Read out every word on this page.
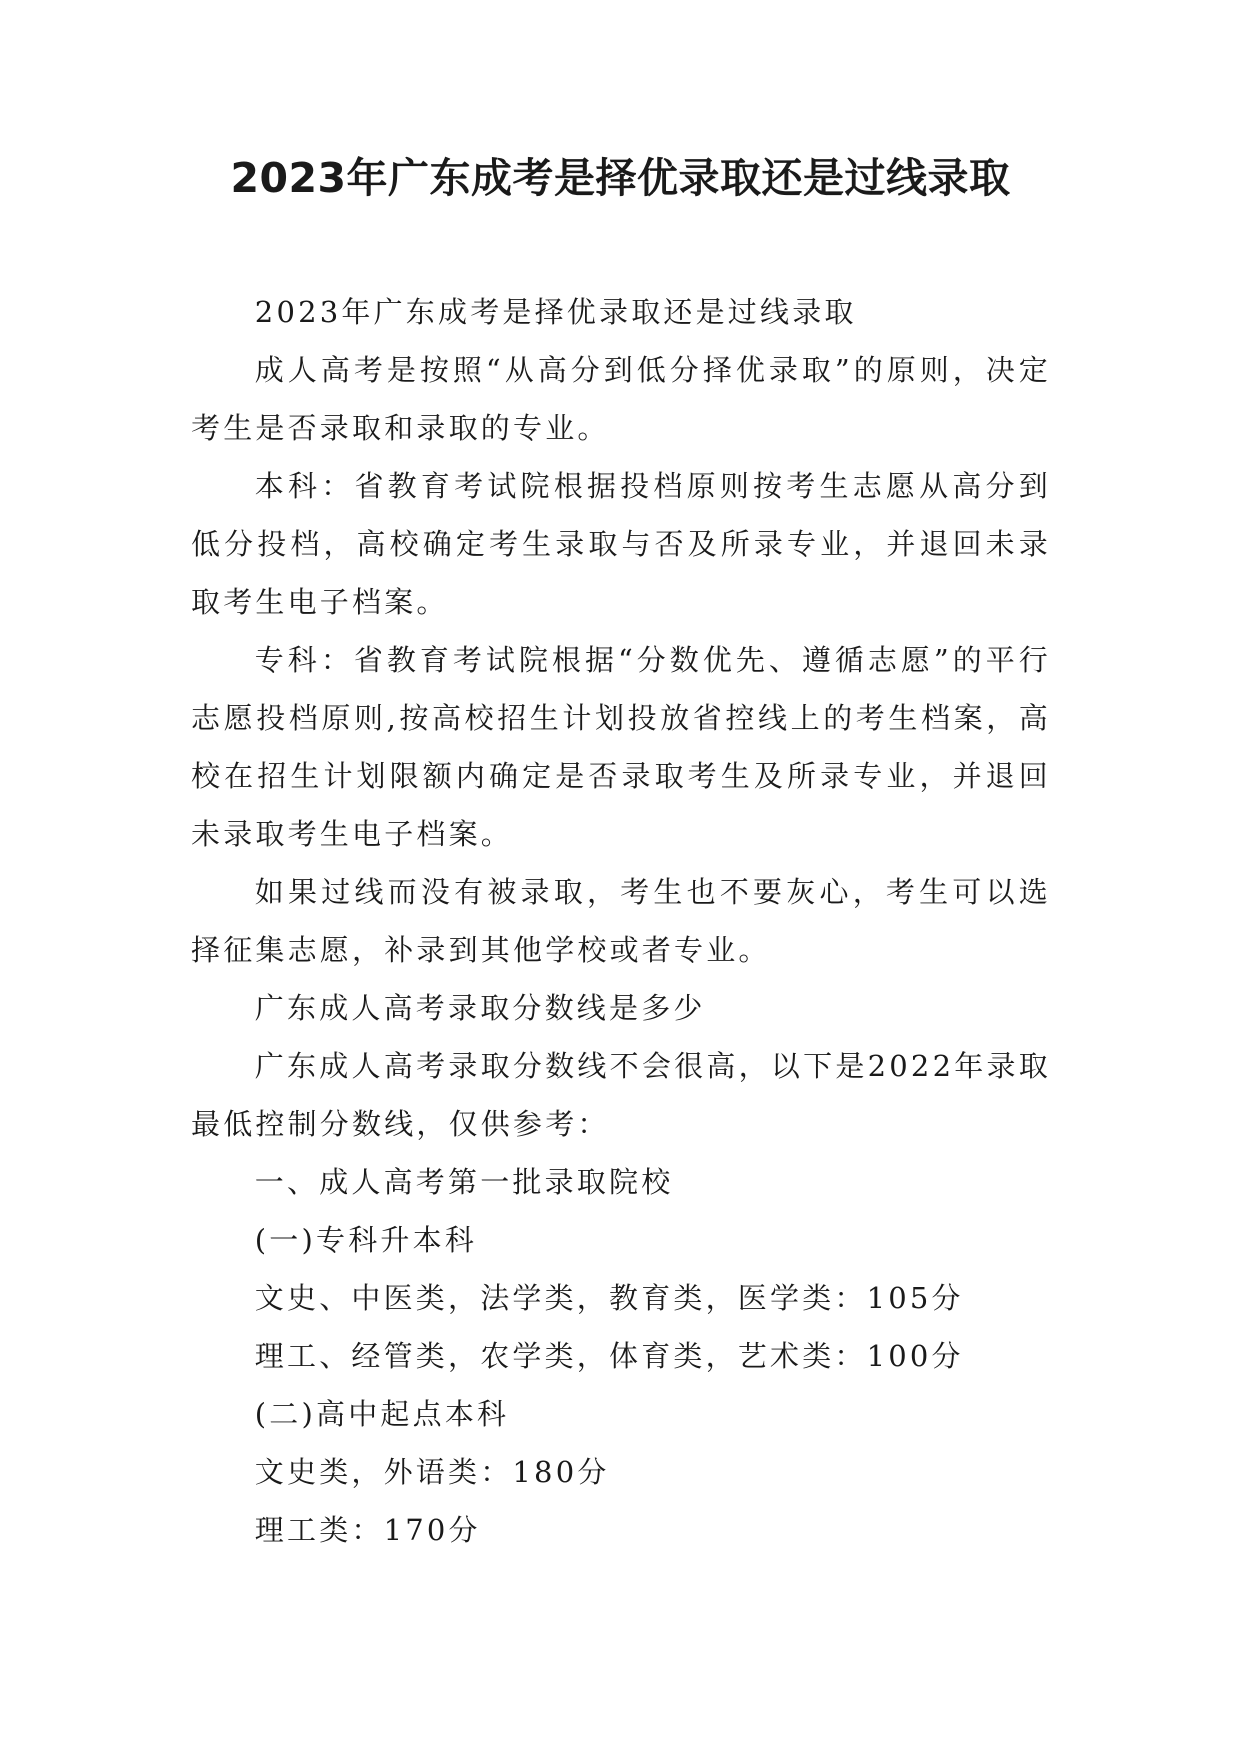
2023年广东成考是择优录取还是过线录取

2023年广东成考是择优录取还是过线录取

成人高考是按照“从高分到低分择优录取”的原则，决定考生是否录取和录取的专业。

本科：省教育考试院根据投档原则按考生志愿从高分到低分投档，高校确定考生录取与否及所录专业，并退回未录取考生电子档案。

专科：省教育考试院根据“分数优先、遵循志愿”的平行志愿投档原则,按高校招生计划投放省控线上的考生档案，高校在招生计划限额内确定是否录取考生及所录专业，并退回未录取考生电子档案。

如果过线而没有被录取，考生也不要灰心，考生可以选择征集志愿，补录到其他学校或者专业。

广东成人高考录取分数线是多少

广东成人高考录取分数线不会很高，以下是2022年录取最低控制分数线，仅供参考：

一、成人高考第一批录取院校

(一)专科升本科

文史、中医类，法学类，教育类，医学类：105分

理工、经管类，农学类，体育类，艺术类：100分

(二)高中起点本科

文史类，外语类：180分

理工类：170分
